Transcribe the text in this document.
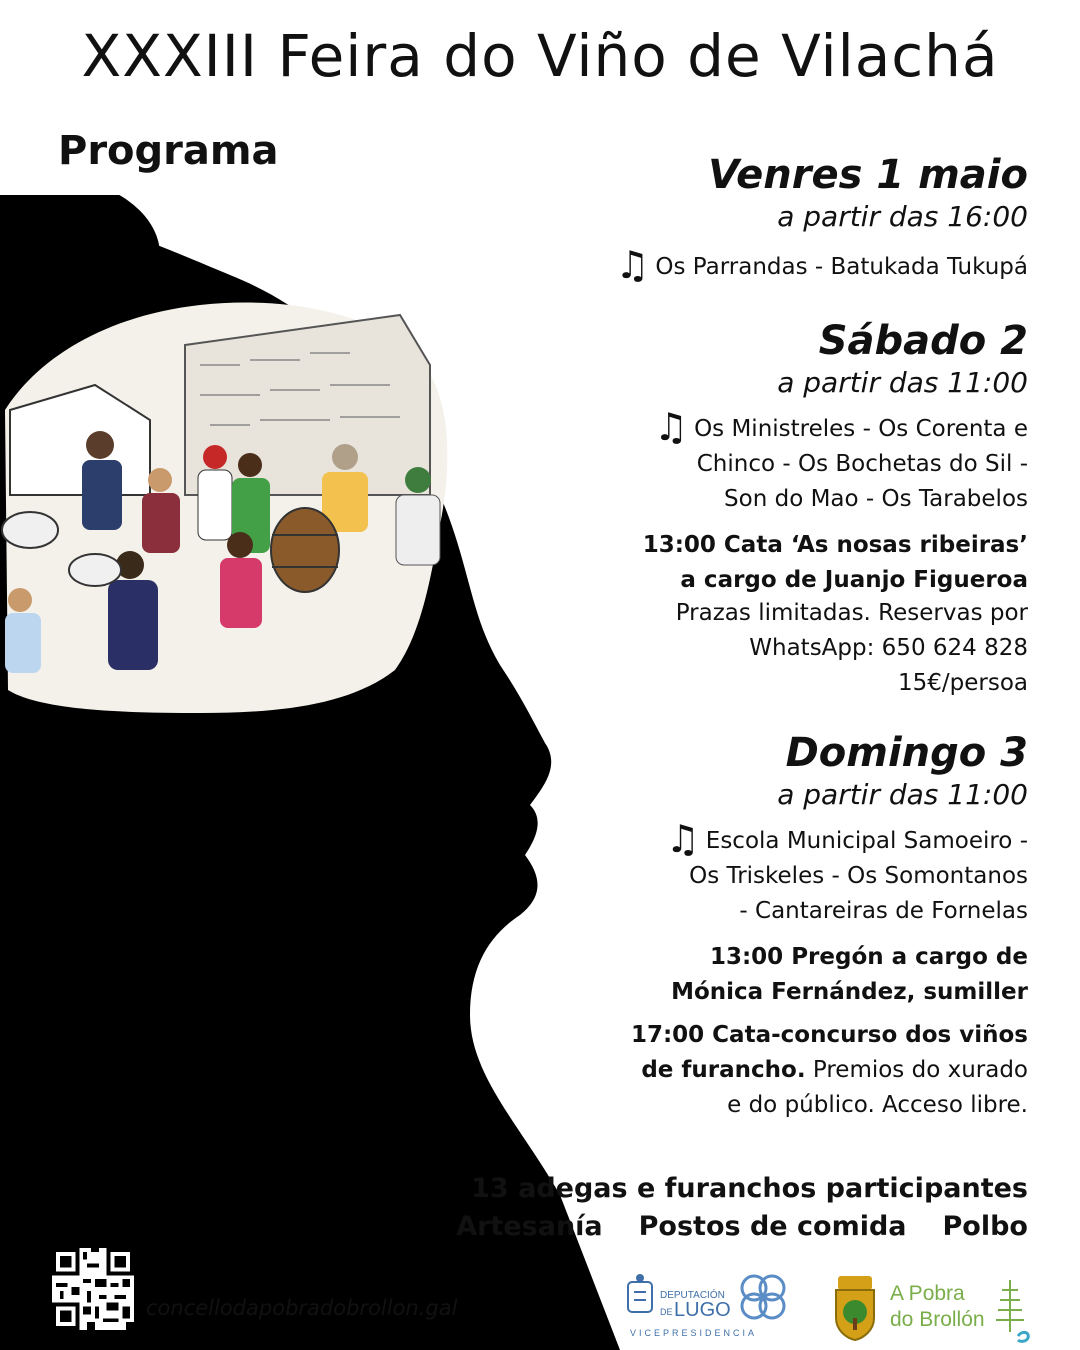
XXXIII Feira do Viño de Vilachá
Programa
Venres 1 maio
a partir das 16:00
♫ Os Parrandas - Batukada Tukupá
Sábado 2
a partir das 11:00
♫ Os Ministreles - Os Corenta e
Chinco - Os Bochetas do Sil -
Son do Mao - Os Tarabelos
13:00 Cata ‘As nosas ribeiras’
a cargo de Juanjo Figueroa
Prazas limitadas. Reservas por
WhatsApp: 650 624 828
15€/persoa
Domingo 3
a partir das 11:00
♫ Escola Municipal Samoeiro -
Os Triskeles - Os Somontanos
- Cantareiras de Fornelas
13:00 Pregón a cargo de
Mónica Fernández, sumiller
17:00 Cata-concurso dos viños
de furancho. Premios do xurado
e do público. Acceso libre.
13 adegas e furanchos participantes
Artesanía Postos de comida Polbo
concellodapobradobrollon.gal
DEPUTACIÓN
DE LUGO
VICEPRESIDENCIA
A Pobra
do Brollón
